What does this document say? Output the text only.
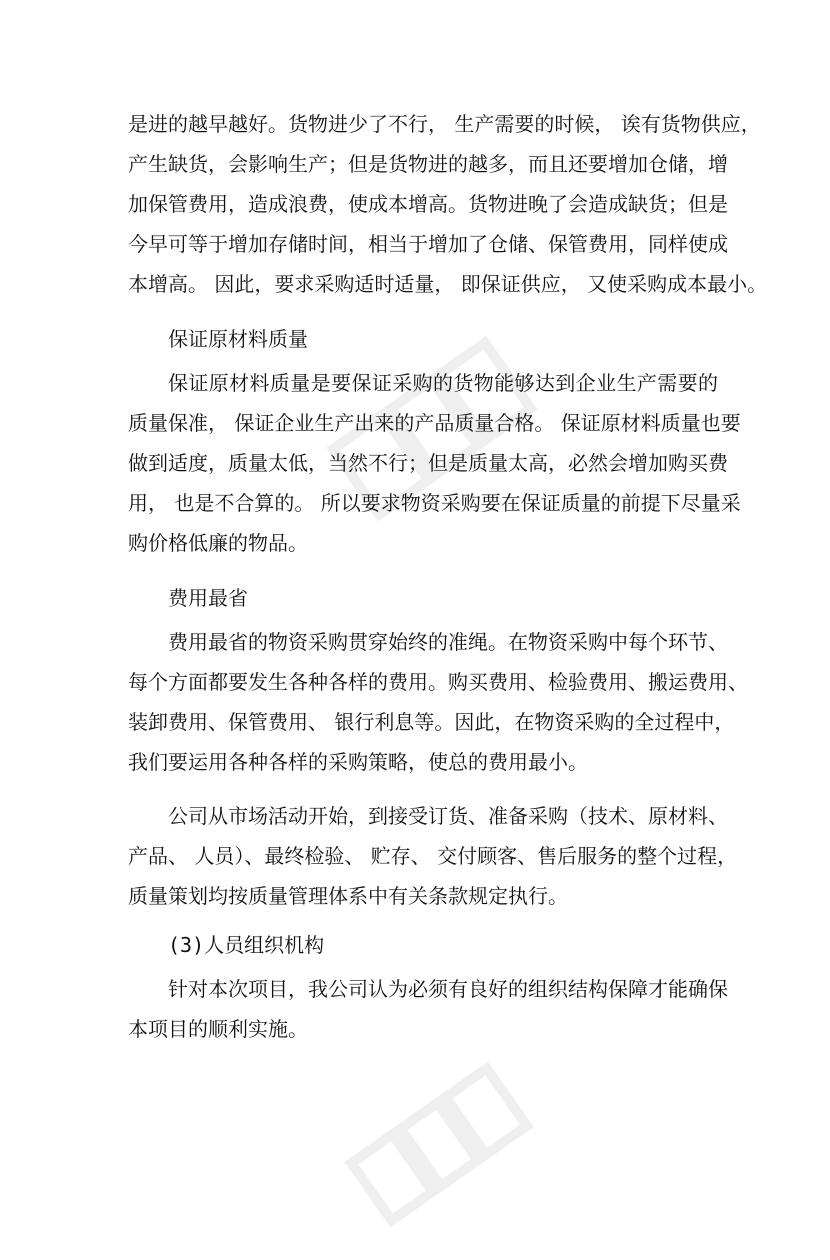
是进的越早越好。货物进少了不行， 生产需要的时候， 诶有货物供应，
产生缺货，会影响生产；但是货物进的越多，而且还要增加仓储，增
加保管费用，造成浪费，使成本增高。货物进晚了会造成缺货；但是
今早可等于增加存储时间，相当于增加了仓储、保管费用，同样使成
本增高。 因此，要求采购适时适量， 即保证供应， 又使采购成本最小。
保证原材料质量
保证原材料质量是要保证采购的货物能够达到企业生产需要的
质量保准， 保证企业生产出来的产品质量合格。 保证原材料质量也要
做到适度，质量太低，当然不行；但是质量太高，必然会增加购买费
用， 也是不合算的。 所以要求物资采购要在保证质量的前提下尽量采
购价格低廉的物品。
费用最省
费用最省的物资采购贯穿始终的准绳。在物资采购中每个环节、
每个方面都要发生各种各样的费用。购买费用、检验费用、搬运费用、
装卸费用、保管费用、 银行利息等。因此，在物资采购的全过程中，
我们要运用各种各样的采购策略，使总的费用最小。
公司从市场活动开始，到接受订货、准备采购（技术、原材料、
产品、 人员）、最终检验、 贮存、 交付顾客、售后服务的整个过程，
质量策划均按质量管理体系中有关条款规定执行。
(3)人员组织机构
针对本次项目，我公司认为必须有良好的组织结构保障才能确保
本项目的顺利实施。
